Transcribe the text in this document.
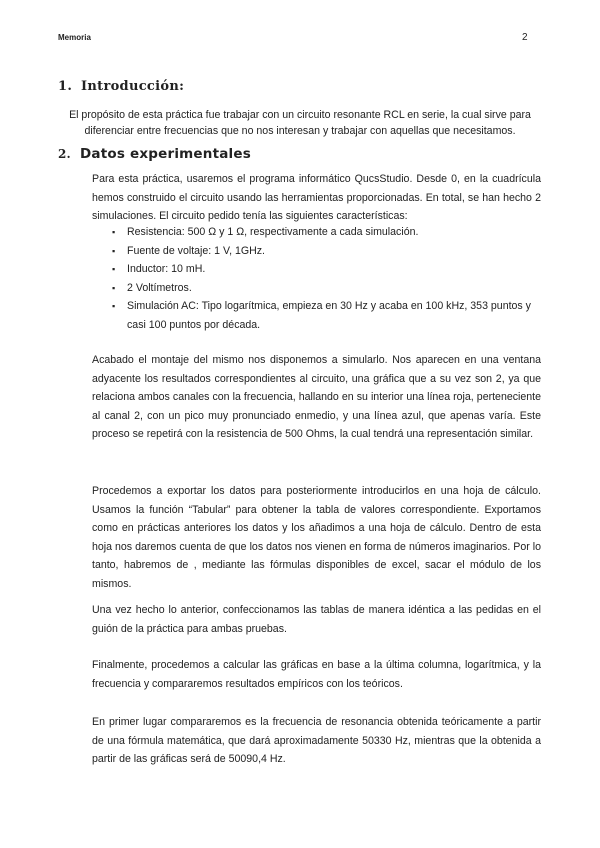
Memoria	2
1. Introducción:
El propósito de esta práctica fue trabajar con un circuito resonante RCL en serie, la cual sirve para diferenciar entre frecuencias que no nos interesan y trabajar con aquellas que necesitamos.
2. Datos experimentales
Para esta práctica, usaremos el programa informático QucsStudio. Desde 0, en la cuadrícula hemos construido el circuito usando las herramientas proporcionadas. En total, se han hecho 2 simulaciones. El circuito pedido tenía las siguientes características:
▪ Resistencia: 500 Ω y 1 Ω, respectivamente a cada simulación.
▪ Fuente de voltaje: 1 V, 1GHz.
▪ Inductor: 10 mH.
▪ 2 Voltímetros.
▪ Simulación AC: Tipo logarítmica, empieza en 30 Hz y acaba en 100 kHz, 353 puntos y casi 100 puntos por década.
Acabado el montaje del mismo nos disponemos a simularlo. Nos aparecen en una ventana adyacente los resultados correspondientes al circuito, una gráfica que a su vez son 2, ya que relaciona ambos canales con la frecuencia, hallando en su interior una línea roja, perteneciente al canal 2, con un pico muy pronunciado enmedio, y una línea azul, que apenas varía. Este proceso se repetirá con la resistencia de 500 Ohms, la cual tendrá una representación similar.
Procedemos a exportar los datos para posteriormente introducirlos en una hoja de cálculo. Usamos la función “Tabular” para obtener la tabla de valores correspondiente. Exportamos como en prácticas anteriores los datos y los añadimos a una hoja de cálculo. Dentro de esta hoja nos daremos cuenta de que los datos nos vienen en forma de números imaginarios. Por lo tanto, habremos de , mediante las fórmulas disponibles de excel, sacar el módulo de los mismos.
Una vez hecho lo anterior, confeccionamos las tablas de manera idéntica a las pedidas en el guión de la práctica para ambas pruebas.
Finalmente, procedemos a calcular las gráficas en base a la última columna, logarítmica, y la frecuencia y compararemos resultados empíricos con los teóricos.
En primer lugar compararemos es la frecuencia de resonancia obtenida teóricamente a partir de una fórmula matemática, que dará aproximadamente 50330 Hz, mientras que la obtenida a partir de las gráficas será de 50090,4 Hz.
